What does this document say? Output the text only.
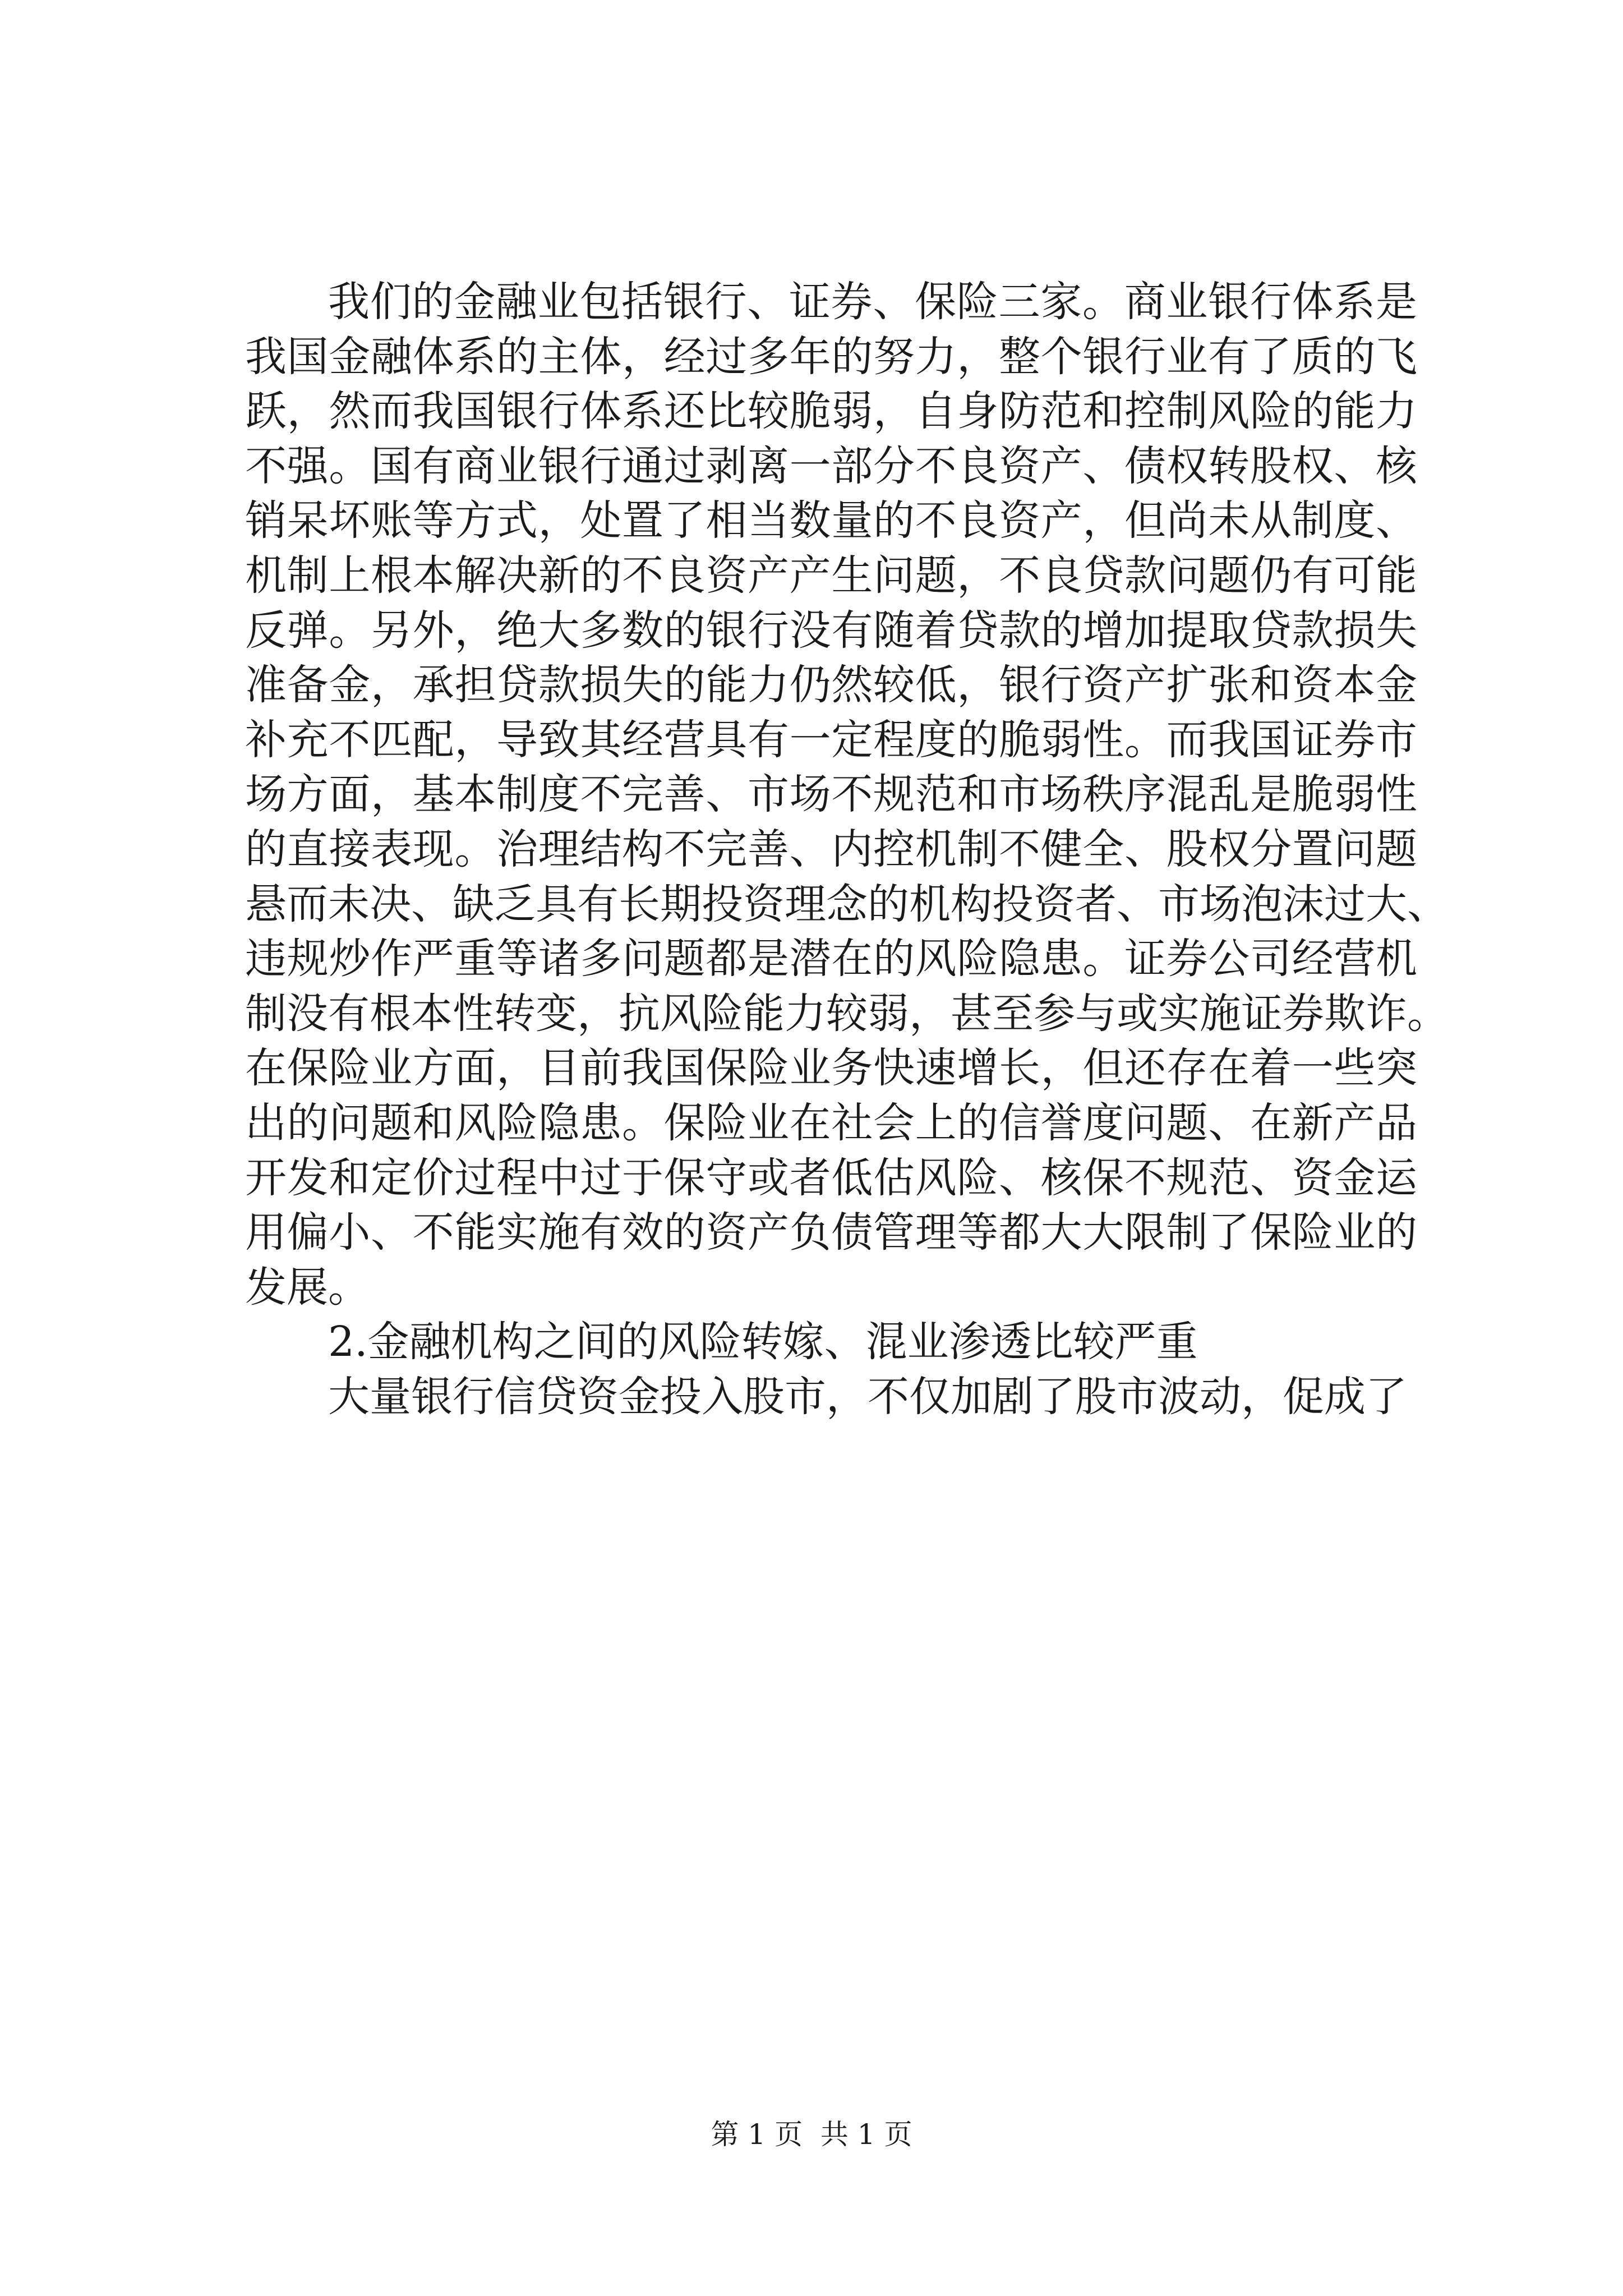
我们的金融业包括银行、证券、保险三家。商业银行体系是
我国金融体系的主体，经过多年的努力，整个银行业有了质的飞
跃，然而我国银行体系还比较脆弱，自身防范和控制风险的能力
不强。国有商业银行通过剥离一部分不良资产、债权转股权、核
销呆坏账等方式，处置了相当数量的不良资产，但尚未从制度、
机制上根本解决新的不良资产产生问题，不良贷款问题仍有可能
反弹。另外，绝大多数的银行没有随着贷款的增加提取贷款损失
准备金，承担贷款损失的能力仍然较低，银行资产扩张和资本金
补充不匹配，导致其经营具有一定程度的脆弱性。而我国证券市
场方面，基本制度不完善、市场不规范和市场秩序混乱是脆弱性
的直接表现。治理结构不完善、内控机制不健全、股权分置问题
悬而未决、缺乏具有长期投资理念的机构投资者、市场泡沫过大、
违规炒作严重等诸多问题都是潜在的风险隐患。证券公司经营机
制没有根本性转变，抗风险能力较弱，甚至参与或实施证券欺诈。
在保险业方面，目前我国保险业务快速增长，但还存在着一些突
出的问题和风险隐患。保险业在社会上的信誉度问题、在新产品
开发和定价过程中过于保守或者低估风险、核保不规范、资金运
用偏小、不能实施有效的资产负债管理等都大大限制了保险业的
发展。
2.金融机构之间的风险转嫁、混业渗透比较严重
大量银行信贷资金投入股市，不仅加剧了股市波动，促成了
第 1 页  共 1 页
